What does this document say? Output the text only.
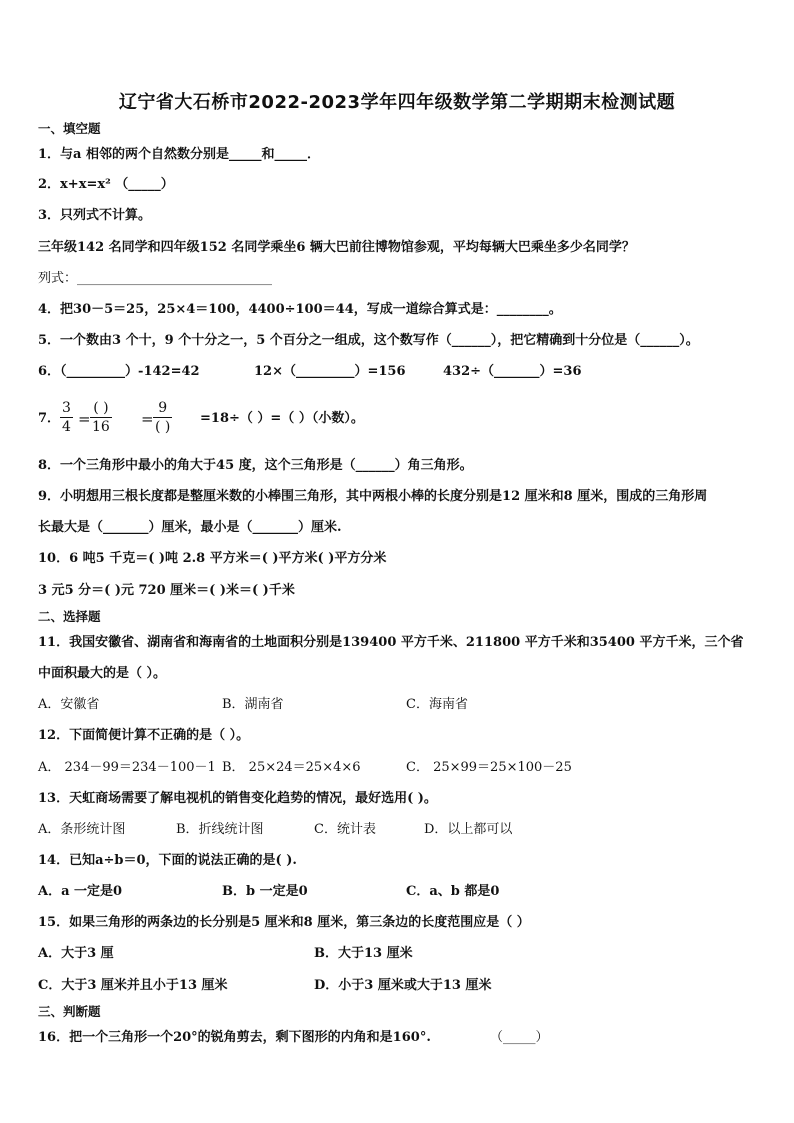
辽宁省大石桥市2022-2023学年四年级数学第二学期期末检测试题
一、填空题
1．与a 相邻的两个自然数分别是_____和_____．
2．x+x=x² （_____）
3．只列式不计算。
三年级142 名同学和四年级152 名同学乘坐6 辆大巴前往博物馆参观，平均每辆大巴乘坐多少名同学？
列式：______________________________
4．把30－5＝25，25×4＝100，4400÷100＝44，写成一道综合算式是：________。
5．一个数由3 个十，9 个十分之一，5 个百分之一组成，这个数写作（______），把它精确到十分位是（______）。
6．（_________）-142=42	12×（_________）=156	432÷（_______）=36
7．
3
4 =
( )
16 =
9
( )
=18÷（ ）=（ ）（小数）。
8．一个三角形中最小的角大于45 度，这个三角形是（______）角三角形。
9．小明想用三根长度都是整厘米数的小棒围三角形，其中两根小棒的长度分别是12 厘米和8 厘米，围成的三角形周
长最大是（_______）厘米，最小是（_______）厘米.
10．6 吨5 千克＝( )吨 2.8 平方米＝( )平方米( )平方分米
3 元5 分＝( )元 720 厘米＝( )米＝( )千米
二、选择题
11．我国安徽省、湖南省和海南省的土地面积分别是139400 平方千米、211800 平方千米和35400 平方千米，三个省
中面积最大的是（ ）。
A．安徽省	B．湖南省	C．海南省
12．下面简便计算不正确的是（ ）。
A． 234－99＝234－100－1 B． 25×24＝25×4×6	C． 25×99＝25×100－25
13．天虹商场需要了解电视机的销售变化趋势的情况，最好选用( )。
A．条形统计图	B．折线统计图	C．统计表	D．以上都可以
14．已知a÷b＝0，下面的说法正确的是( ).
A．a 一定是0	B．b 一定是0	C．a、b 都是0
15．如果三角形的两条边的长分别是5 厘米和8 厘米，第三条边的长度范围应是（ ）
A．大于3 厘	B．大于13 厘米
C．大于3 厘米并且小于13 厘米	D．小于3 厘米或大于13 厘米
三、判断题
16．把一个三角形一个20°的锐角剪去，剩下图形的内角和是160°.	（_____）
